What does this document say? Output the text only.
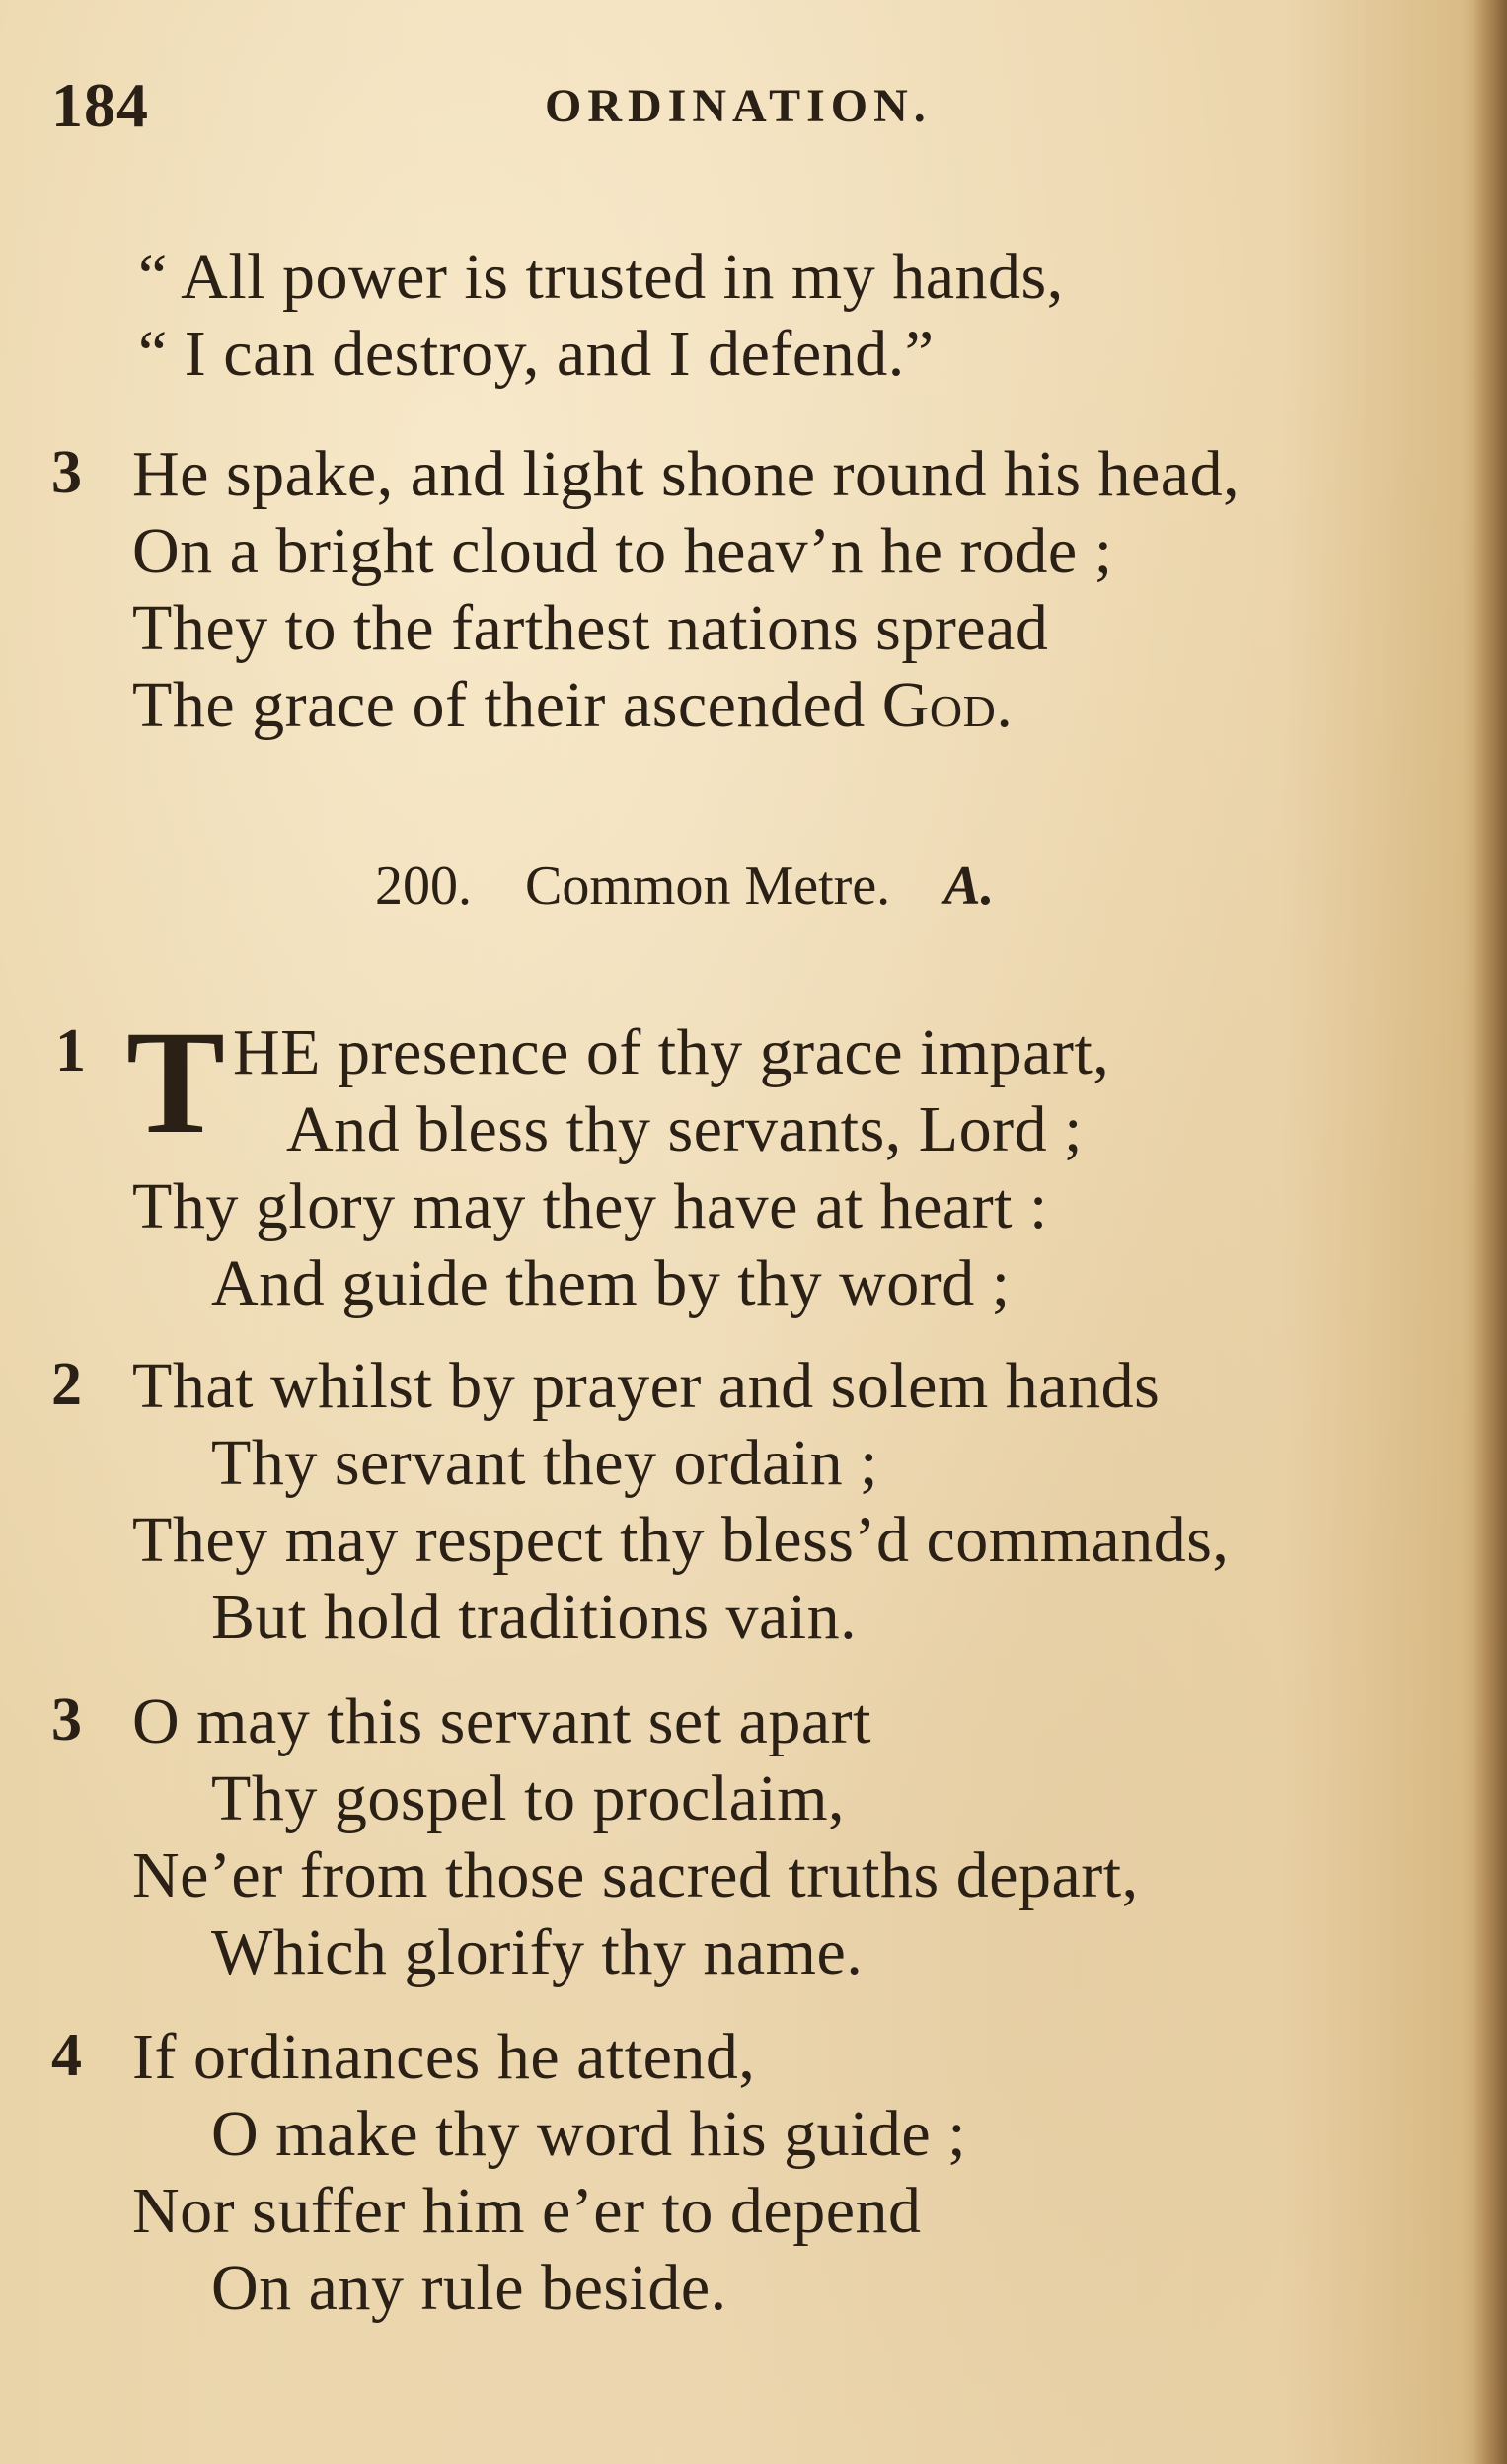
184	ORDINATION.
“ All power is trusted in my hands,
“ I can destroy, and I defend.”
3 He spake, and light shone round his head,
On a bright cloud to heav’n he rode ;
They to the farthest nations spread
The grace of their ascended God.
200. Common Metre. A.
1 T HE presence of thy grace impart,
And bless thy servants, Lord ;
Thy glory may they have at heart :
And guide them by thy word ;
2 That whilst by prayer and solem hands
Thy servant they ordain ;
They may respect thy bless’d commands,
But hold traditions vain.
3 O may this servant set apart
Thy gospel to proclaim,
Ne’er from those sacred truths depart,
Which glorify thy name.
4 If ordinances he attend,
O make thy word his guide ;
Nor suffer him e’er to depend
On any rule beside.
